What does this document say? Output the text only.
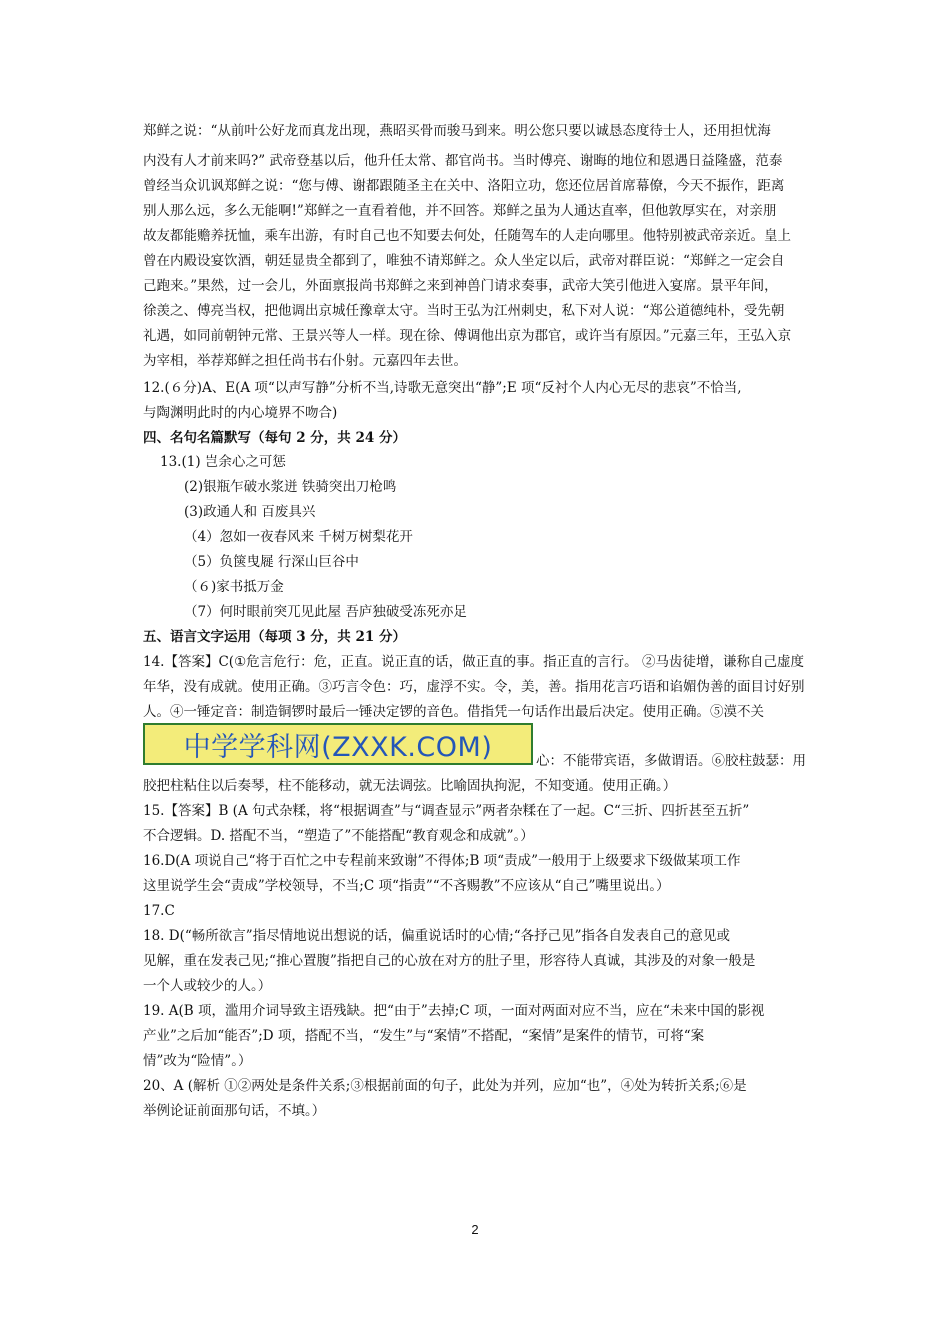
郑鲜之说：“从前叶公好龙而真龙出现，燕昭买骨而骏马到来。明公您只要以诚恳态度待士人，还用担忧海
内没有人才前来吗?” 武帝登基以后，他升任太常、都官尚书。当时傅亮、谢晦的地位和恩遇日益隆盛，范泰
曾经当众讥讽郑鲜之说：“您与傅、谢都跟随圣主在关中、洛阳立功，您还位居首席幕僚，今天不振作，距离
别人那么远，多么无能啊!”郑鲜之一直看着他，并不回答。郑鲜之虽为人通达直率，但他敦厚实在，对亲朋
故友都能赡养抚恤，乘车出游，有时自己也不知要去何处，任随驾车的人走向哪里。他特别被武帝亲近。皇上
曾在内殿设宴饮酒，朝廷显贵全都到了，唯独不请郑鲜之。众人坐定以后，武帝对群臣说：“郑鲜之一定会自
己跑来。”果然，过一会儿，外面禀报尚书郑鲜之来到神兽门请求奏事，武帝大笑引他进入宴席。景平年间，
徐羡之、傅亮当权，把他调出京城任豫章太守。当时王弘为江州刺史，私下对人说：“郑公道德纯朴，受先朝
礼遇，如同前朝钟元常、王景兴等人一样。现在徐、傅调他出京为郡官，或许当有原因。”元嘉三年，王弘入京
为宰相，举荐郑鲜之担任尚书右仆射。元嘉四年去世。
12.(６分)A、E(A 项“以声写静”分析不当,诗歌无意突出“静”;E 项“反衬个人内心无尽的悲哀”不恰当,
与陶渊明此时的内心境界不吻合)
四、名句名篇默写（每句 2 分，共 24 分）
13.(1) 岂余心之可惩
(2)银瓶乍破水浆迸 铁骑突出刀枪鸣
(3)政通人和 百废具兴
（4）忽如一夜春风来 千树万树梨花开
（5）负箧曳屣 行深山巨谷中
（６)家书抵万金
（7）何时眼前突兀见此屋 吾庐独破受冻死亦足
五、语言文字运用（每项 3 分，共 21 分）
14.【答案】C(①危言危行：危，正直。说正直的话，做正直的事。指正直的言行。 ②马齿徒增，谦称自己虚度
年华，没有成就。使用正确。③巧言令色：巧，虚浮不实。令，美，善。指用花言巧语和谄媚伪善的面目讨好别
人。④一锤定音：制造铜锣时最后一锤决定锣的音色。借指凭一句话作出最后决定。使用正确。⑤漠不关
中学学科网(ZXXK.COM)	心：不能带宾语，多做谓语。⑥胶柱鼓瑟：用
胶把柱粘住以后奏琴，柱不能移动，就无法调弦。比喻固执拘泥，不知变通。使用正确。）
15.【答案】B (A 句式杂糅，将“根据调查”与“调查显示”两者杂糅在了一起。C“三折、四折甚至五折”
不合逻辑。D. 搭配不当，“塑造了”不能搭配“教育观念和成就”。）
16.D(A 项说自己“将于百忙之中专程前来致谢”不得体;B 项“责成”一般用于上级要求下级做某项工作
这里说学生会“责成”学校领导，不当;C 项“指责”“不吝赐教”不应该从“自己”嘴里说出。）
17.C
18. D(“畅所欲言”指尽情地说出想说的话，偏重说话时的心情;“各抒己见”指各自发表自己的意见或
见解，重在发表己见;“推心置腹”指把自己的心放在对方的肚子里，形容待人真诚，其涉及的对象一般是
一个人或较少的人。）
19. A(B 项，滥用介词导致主语残缺。把“由于”去掉;C 项，一面对两面对应不当，应在“未来中国的影视
产业”之后加“能否”;D 项，搭配不当，“发生”与“案情”不搭配，“案情”是案件的情节，可将“案
情”改为“险情”。）
20、A (解析 ①②两处是条件关系;③根据前面的句子，此处为并列，应加“也”，④处为转折关系;⑥是
举例论证前面那句话，不填。）
2
